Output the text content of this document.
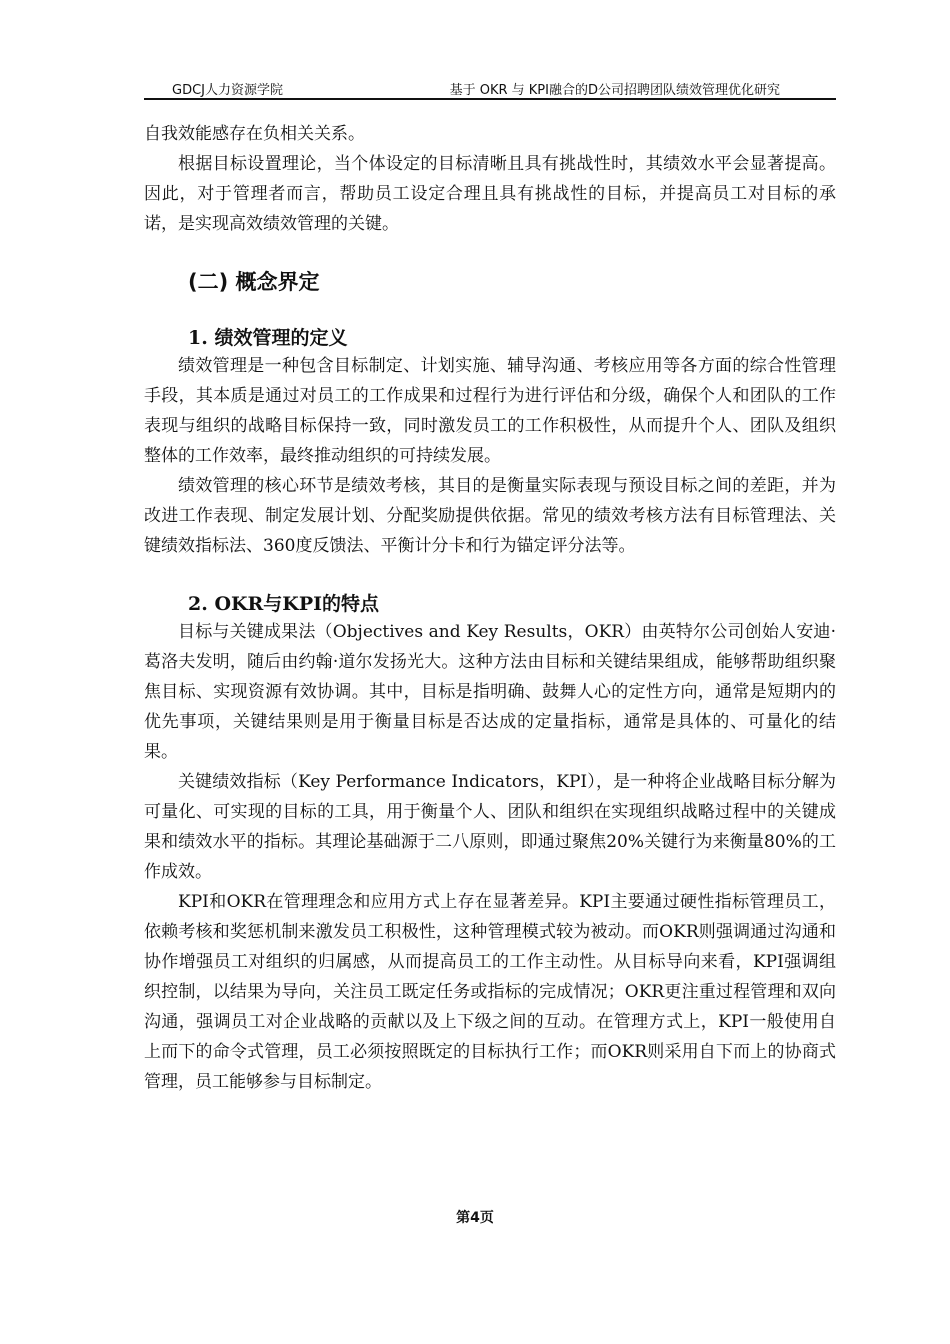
GDCJ人力资源学院	基于 OKR 与 KPI融合的D公司招聘团队绩效管理优化研究

自我效能感存在负相关关系。

根据目标设置理论，当个体设定的目标清晰且具有挑战性时，其绩效水平会显著提高。因此，对于管理者而言，帮助员工设定合理且具有挑战性的目标，并提高员工对目标的承诺，是实现高效绩效管理的关键。

(二) 概念界定
1. 绩效管理的定义

绩效管理是一种包含目标制定、计划实施、辅导沟通、考核应用等各方面的综合性管理手段，其本质是通过对员工的工作成果和过程行为进行评估和分级，确保个人和团队的工作表现与组织的战略目标保持一致，同时激发员工的工作积极性，从而提升个人、团队及组织整体的工作效率，最终推动组织的可持续发展。

绩效管理的核心环节是绩效考核，其目的是衡量实际表现与预设目标之间的差距，并为改进工作表现、制定发展计划、分配奖励提供依据。常见的绩效考核方法有目标管理法、关键绩效指标法、360度反馈法、平衡计分卡和行为锚定评分法等。

2. OKR与KPI的特点

目标与关键成果法（Objectives and Key Results，OKR）由英特尔公司创始人安迪·葛洛夫发明，随后由约翰·道尔发扬光大。这种方法由目标和关键结果组成，能够帮助组织聚焦目标、实现资源有效协调。其中，目标是指明确、鼓舞人心的定性方向，通常是短期内的优先事项，关键结果则是用于衡量目标是否达成的定量指标，通常是具体的、可量化的结果。

关键绩效指标（Key Performance Indicators，KPI），是一种将企业战略目标分解为可量化、可实现的目标的工具，用于衡量个人、团队和组织在实现组织战略过程中的关键成果和绩效水平的指标。其理论基础源于二八原则，即通过聚焦20%关键行为来衡量80%的工作成效。

KPI和OKR在管理理念和应用方式上存在显著差异。KPI主要通过硬性指标管理员工，依赖考核和奖惩机制来激发员工积极性，这种管理模式较为被动。而OKR则强调通过沟通和协作增强员工对组织的归属感，从而提高员工的工作主动性。从目标导向来看，KPI强调组织控制，以结果为导向，关注员工既定任务或指标的完成情况；OKR更注重过程管理和双向沟通，强调员工对企业战略的贡献以及上下级之间的互动。在管理方式上，KPI一般使用自上而下的命令式管理，员工必须按照既定的目标执行工作；而OKR则采用自下而上的协商式管理，员工能够参与目标制定。

第4页
